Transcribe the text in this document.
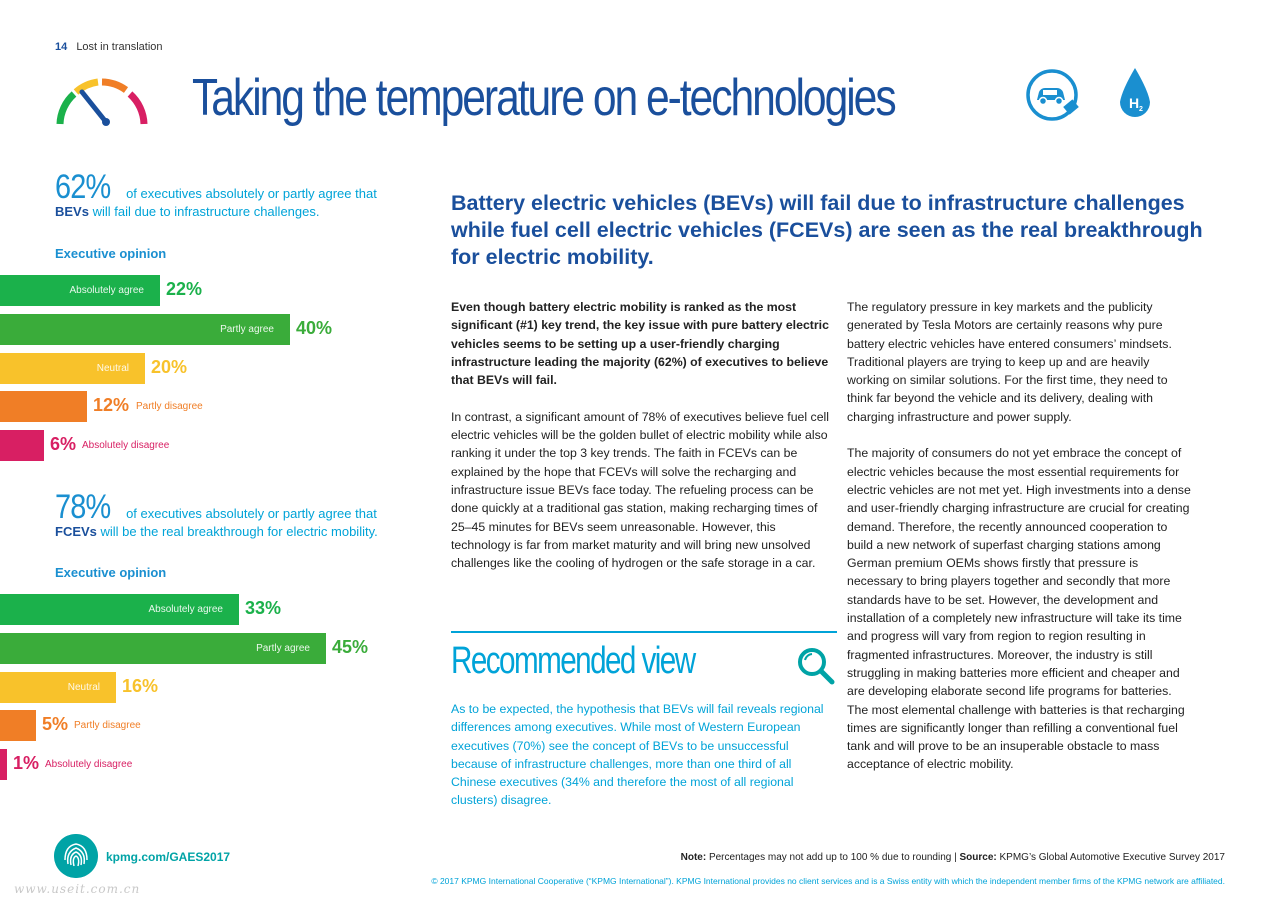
14 Lost in translation
Taking the temperature on e-technologies	H 2
62% of executives absolutely or partly agree that
BEVs will fail due to infrastructure challenges.
Executive opinion
22%
Absolutely agree
40%
Partly agree
20%
Neutral
12% Partly disagree
6% Absolutely disagree
78% of executives absolutely or partly agree that
FCEVs will be the real breakthrough for electric mobility.
Executive opinion
33%
Absolutely agree
45%
Partly agree
16%
Neutral
5% Partly disagree
1% Absolutely disagree
Battery electric vehicles (BEVs) will fail due to infrastructure challenges while fuel cell electric vehicles (FCEVs) are seen as the real breakthrough for electric mobility.

Even though battery electric mobility is ranked as the most significant (#1) key trend, the key issue with pure battery electric vehicles seems to be setting up a user-friendly charging infrastructure leading the majority (62%) of executives to believe that BEVs will fail.

In contrast, a significant amount of 78% of executives believe fuel cell electric vehicles will be the golden bullet of electric mobility while also ranking it under the top 3 key trends. The faith in FCEVs can be explained by the hope that FCEVs will solve the recharging and infrastructure issue BEVs face today. The refueling process can be done quickly at a traditional gas station, making recharging times of 25–45 minutes for BEVs seem unreasonable. However, this technology is far from market maturity and will bring new unsolved challenges like the cooling of hydrogen or the safe storage in a car.

The regulatory pressure in key markets and the publicity generated by Tesla Motors are certainly reasons why pure battery electric vehicles have entered consumers’ mindsets. Traditional players are trying to keep up and are heavily working on similar solutions. For the first time, they need to think far beyond the vehicle and its delivery, dealing with charging infrastructure and power supply.

The majority of consumers do not yet embrace the concept of electric vehicles because the most essential requirements for electric vehicles are not met yet. High investments into a dense and user-friendly charging infrastructure are crucial for creating demand. Therefore, the recently announced cooperation to build a new network of superfast charging stations among German premium OEMs shows firstly that pressure is necessary to bring players together and secondly that more standards have to be set. However, the development and installation of a completely new infrastructure will take its time and progress will vary from region to region resulting in fragmented infrastructures. Moreover, the industry is still struggling in making batteries more efficient and cheaper and are developing elaborate second life programs for batteries. The most elemental challenge with batteries is that recharging times are significantly longer than refilling a conventional fuel tank and will prove to be an insuperable obstacle to mass acceptance of electric mobility.

Recommended view
As to be expected, the hypothesis that BEVs will fail reveals regional differences among executives. While most of Western European executives (70%) see the concept of BEVs to be unsuccessful because of infrastructure challenges, more than one third of all Chinese executives (34% and therefore the most of all regional clusters) disagree.
kpmg.com/GAES2017	Note: Percentages may not add up to 100 % due to rounding | Source: KPMG’s Global Automotive Executive Survey 2017
© 2017 KPMG International Cooperative (“KPMG International”). KPMG International provides no client services and is a Swiss entity with which the independent member firms of the KPMG network are affiliated.
www.useit.com.cn
